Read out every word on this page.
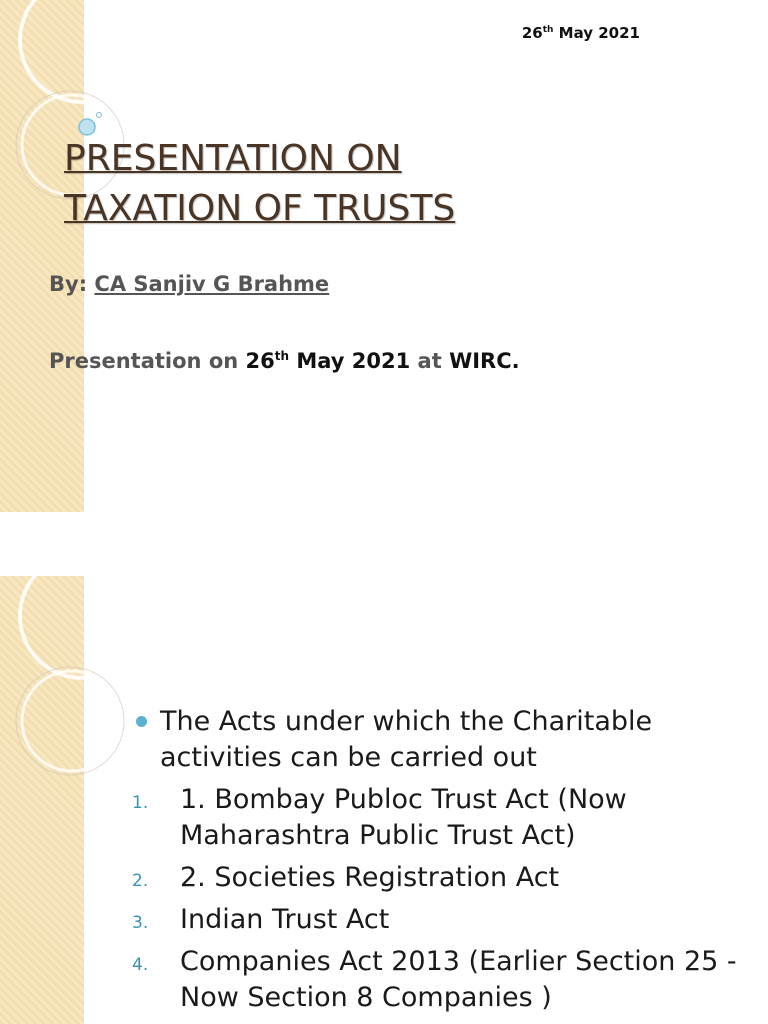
26th May 2021
PRESENTATION ON
TAXATION OF TRUSTS
By: CA Sanjiv G Brahme
Presentation on 26th May 2021 at WIRC.
The Acts under which the Charitable activities can be carried out
1. 1. Bombay Publoc Trust Act (Now Maharashtra Public Trust Act)
2. 2. Societies Registration Act
3. Indian Trust Act
4. Companies Act 2013 (Earlier Section 25 -Now Section 8 Companies )
